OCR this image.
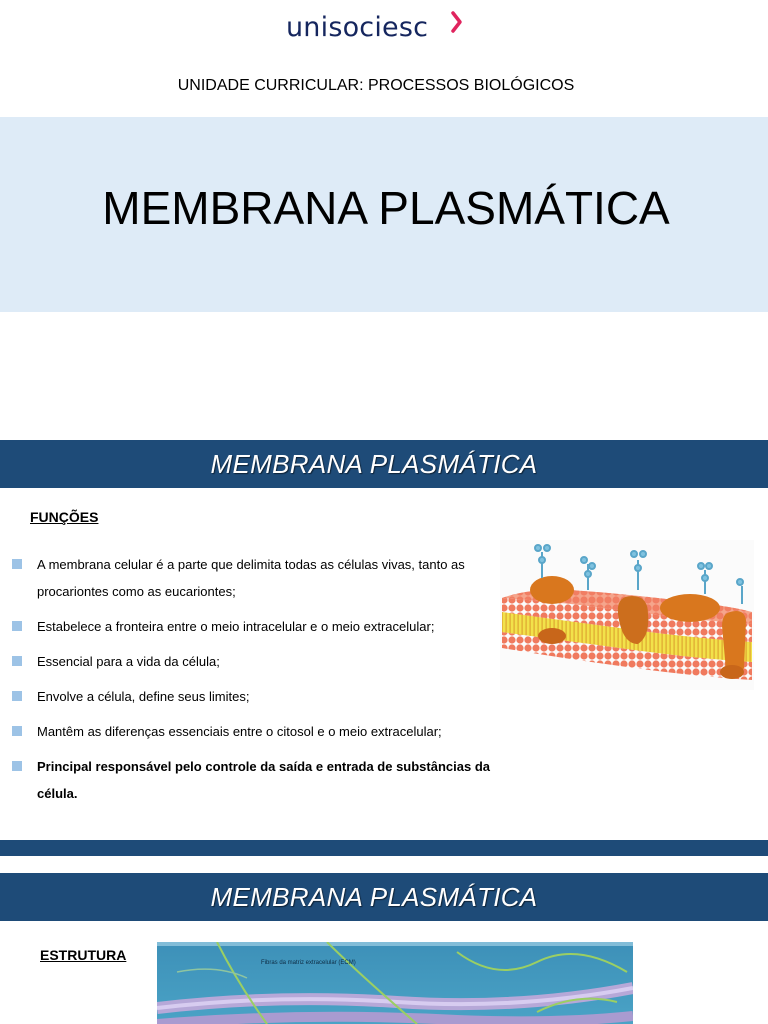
unisociesc
UNIDADE CURRICULAR: PROCESSOS BIOLÓGICOS
MEMBRANA PLASMÁTICA
MEMBRANA PLASMÁTICA
FUNÇÕES
A membrana celular é a parte que delimita todas as células vivas, tanto as procariontes como as eucariontes;
Estabelece a fronteira entre o meio intracelular e o meio extracelular;
Essencial para a vida da célula;
Envolve a célula, define seus limites;
Mantêm as diferenças essenciais entre o citosol e o meio extracelular;
Principal responsável pelo controle da saída e entrada de substâncias da célula.
MEMBRANA PLASMÁTICA
ESTRUTURA	Fibras da matriz extracelular (ECM)
